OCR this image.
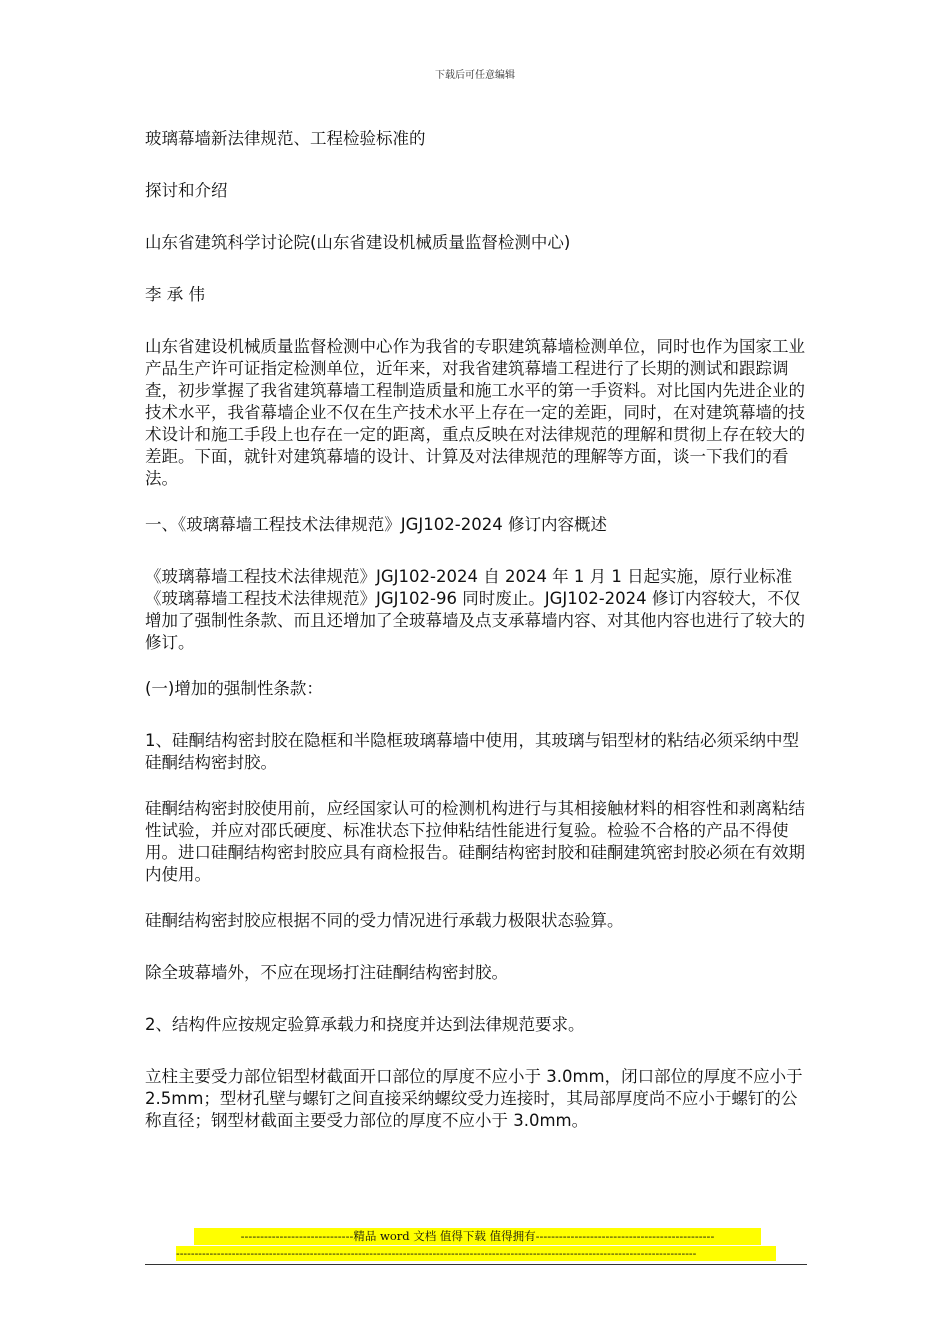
下载后可任意编辑

玻璃幕墙新法律规范、工程检验标准的

探讨和介绍

山东省建筑科学讨论院(山东省建设机械质量监督检测中心)

李 承 伟

山东省建设机械质量监督检测中心作为我省的专职建筑幕墙检测单位，同时也作为国家工业产品生产许可证指定检测单位，近年来，对我省建筑幕墙工程进行了长期的测试和跟踪调查，初步掌握了我省建筑幕墙工程制造质量和施工水平的第一手资料。对比国内先进企业的技术水平，我省幕墙企业不仅在生产技术水平上存在一定的差距，同时，在对建筑幕墙的技术设计和施工手段上也存在一定的距离，重点反映在对法律规范的理解和贯彻上存在较大的差距。下面，就针对建筑幕墙的设计、计算及对法律规范的理解等方面，谈一下我们的看法。

一、《玻璃幕墙工程技术法律规范》JGJ102-2024 修订内容概述

《玻璃幕墙工程技术法律规范》JGJ102-2024 自 2024 年 1 月 1 日起实施，原行业标准《玻璃幕墙工程技术法律规范》JGJ102-96 同时废止。JGJ102-2024 修订内容较大，不仅增加了强制性条款、而且还增加了全玻幕墙及点支承幕墙内容、对其他内容也进行了较大的修订。

(一)增加的强制性条款：

1、硅酮结构密封胶在隐框和半隐框玻璃幕墙中使用，其玻璃与铝型材的粘结必须采纳中型硅酮结构密封胶。

硅酮结构密封胶使用前，应经国家认可的检测机构进行与其相接触材料的相容性和剥离粘结性试验，并应对邵氏硬度、标准状态下拉伸粘结性能进行复验。检验不合格的产品不得使用。进口硅酮结构密封胶应具有商检报告。硅酮结构密封胶和硅酮建筑密封胶必须在有效期内使用。

硅酮结构密封胶应根据不同的受力情况进行承载力极限状态验算。

除全玻幕墙外，不应在现场打注硅酮结构密封胶。

2、结构件应按规定验算承载力和挠度并达到法律规范要求。

立柱主要受力部位铝型材截面开口部位的厚度不应小于 3.0mm，闭口部位的厚度不应小于 2.5mm；型材孔壁与螺钉之间直接采纳螺纹受力连接时，其局部厚度尚不应小于螺钉的公称直径；钢型材截面主要受力部位的厚度不应小于 3.0mm。

-----------------------------精品 word 文档 值得下载 值得拥有----------------------------------------------
--------------------------------------------------------------------------------------------------------------------------------------------
